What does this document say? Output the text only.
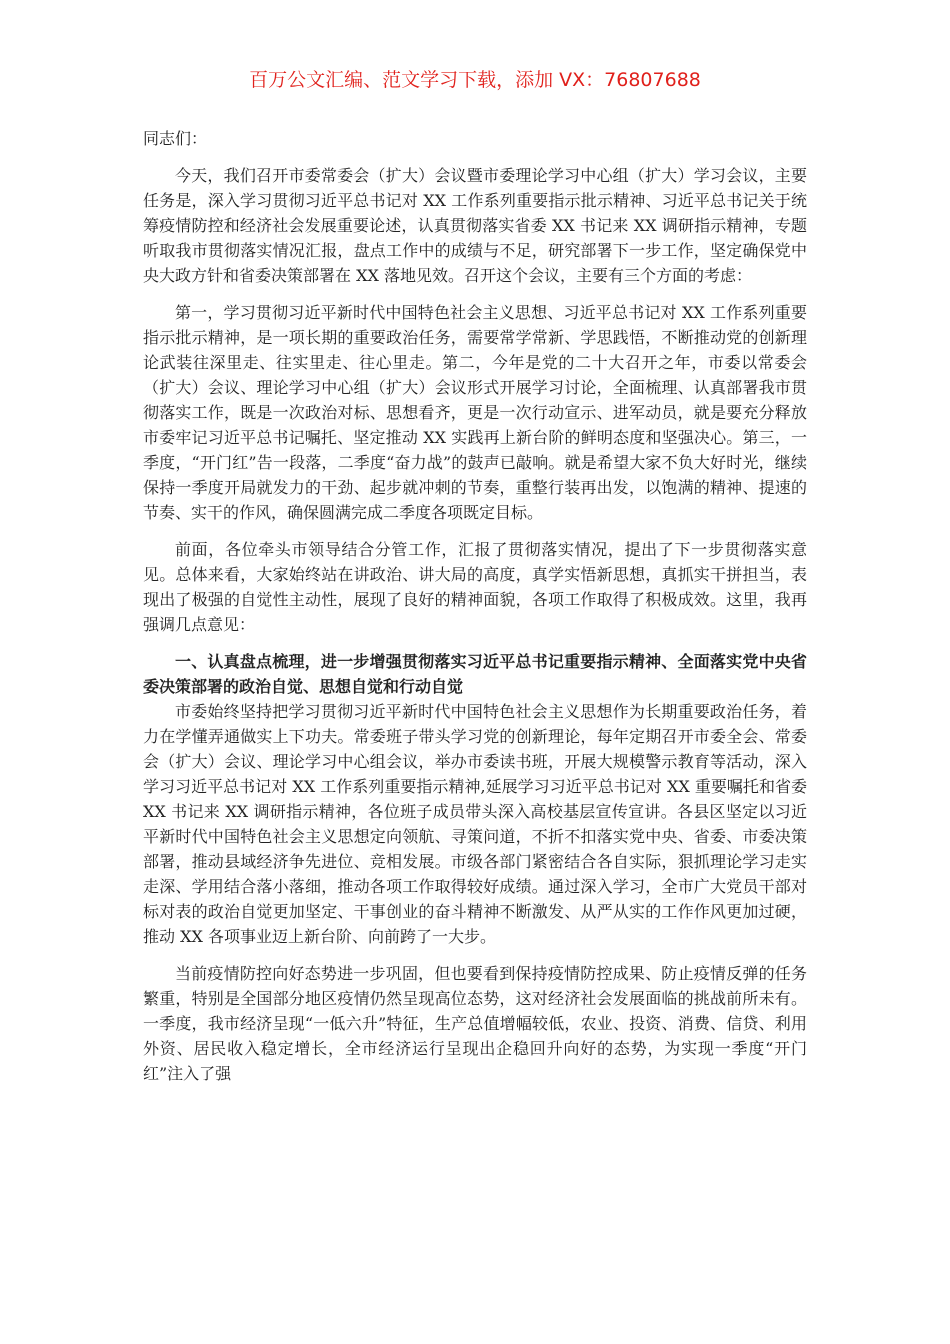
百万公文汇编、范文学习下载，添加 VX：76807688

同志们：

今天，我们召开市委常委会（扩大）会议暨市委理论学习中心组（扩大）学习会议，主要任务是，深入学习贯彻习近平总书记对 XX 工作系列重要指示批示精神、习近平总书记关于统筹疫情防控和经济社会发展重要论述，认真贯彻落实省委 XX 书记来 XX 调研指示精神，专题听取我市贯彻落实情况汇报，盘点工作中的成绩与不足，研究部署下一步工作，坚定确保党中央大政方针和省委决策部署在 XX 落地见效。召开这个会议，主要有三个方面的考虑：

第一，学习贯彻习近平新时代中国特色社会主义思想、习近平总书记对 XX 工作系列重要指示批示精神，是一项长期的重要政治任务，需要常学常新、学思践悟，不断推动党的创新理论武装往深里走、往实里走、往心里走。第二，今年是党的二十大召开之年，市委以常委会（扩大）会议、理论学习中心组（扩大）会议形式开展学习讨论，全面梳理、认真部署我市贯彻落实工作，既是一次政治对标、思想看齐，更是一次行动宣示、进军动员，就是要充分释放市委牢记习近平总书记嘱托、坚定推动 XX 实践再上新台阶的鲜明态度和坚强决心。第三，一季度，“开门红”告一段落，二季度“奋力战”的鼓声已敲响。就是希望大家不负大好时光，继续保持一季度开局就发力的干劲、起步就冲刺的节奏，重整行装再出发，以饱满的精神、提速的节奏、实干的作风，确保圆满完成二季度各项既定目标。

前面，各位牵头市领导结合分管工作，汇报了贯彻落实情况，提出了下一步贯彻落实意见。总体来看，大家始终站在讲政治、讲大局的高度，真学实悟新思想，真抓实干拼担当，表现出了极强的自觉性主动性，展现了良好的精神面貌，各项工作取得了积极成效。这里，我再强调几点意见：

一、认真盘点梳理，进一步增强贯彻落实习近平总书记重要指示精神、全面落实党中央省委决策部署的政治自觉、思想自觉和行动自觉

市委始终坚持把学习贯彻习近平新时代中国特色社会主义思想作为长期重要政治任务，着力在学懂弄通做实上下功夫。常委班子带头学习党的创新理论，每年定期召开市委全会、常委会（扩大）会议、理论学习中心组会议，举办市委读书班，开展大规模警示教育等活动，深入学习习近平总书记对 XX 工作系列重要指示精神,延展学习习近平总书记对 XX 重要嘱托和省委 XX 书记来 XX 调研指示精神，各位班子成员带头深入高校基层宣传宣讲。各县区坚定以习近平新时代中国特色社会主义思想定向领航、寻策问道，不折不扣落实党中央、省委、市委决策部署，推动县域经济争先进位、竞相发展。市级各部门紧密结合各自实际，狠抓理论学习走实走深、学用结合落小落细，推动各项工作取得较好成绩。通过深入学习，全市广大党员干部对标对表的政治自觉更加坚定、干事创业的奋斗精神不断激发、从严从实的工作作风更加过硬，推动 XX 各项事业迈上新台阶、向前跨了一大步。

当前疫情防控向好态势进一步巩固，但也要看到保持疫情防控成果、防止疫情反弹的任务繁重，特别是全国部分地区疫情仍然呈现高位态势，这对经济社会发展面临的挑战前所未有。一季度，我市经济呈现“一低六升”特征，生产总值增幅较低，农业、投资、消费、信贷、利用外资、居民收入稳定增长，全市经济运行呈现出企稳回升向好的态势，为实现一季度“开门红”注入了强
